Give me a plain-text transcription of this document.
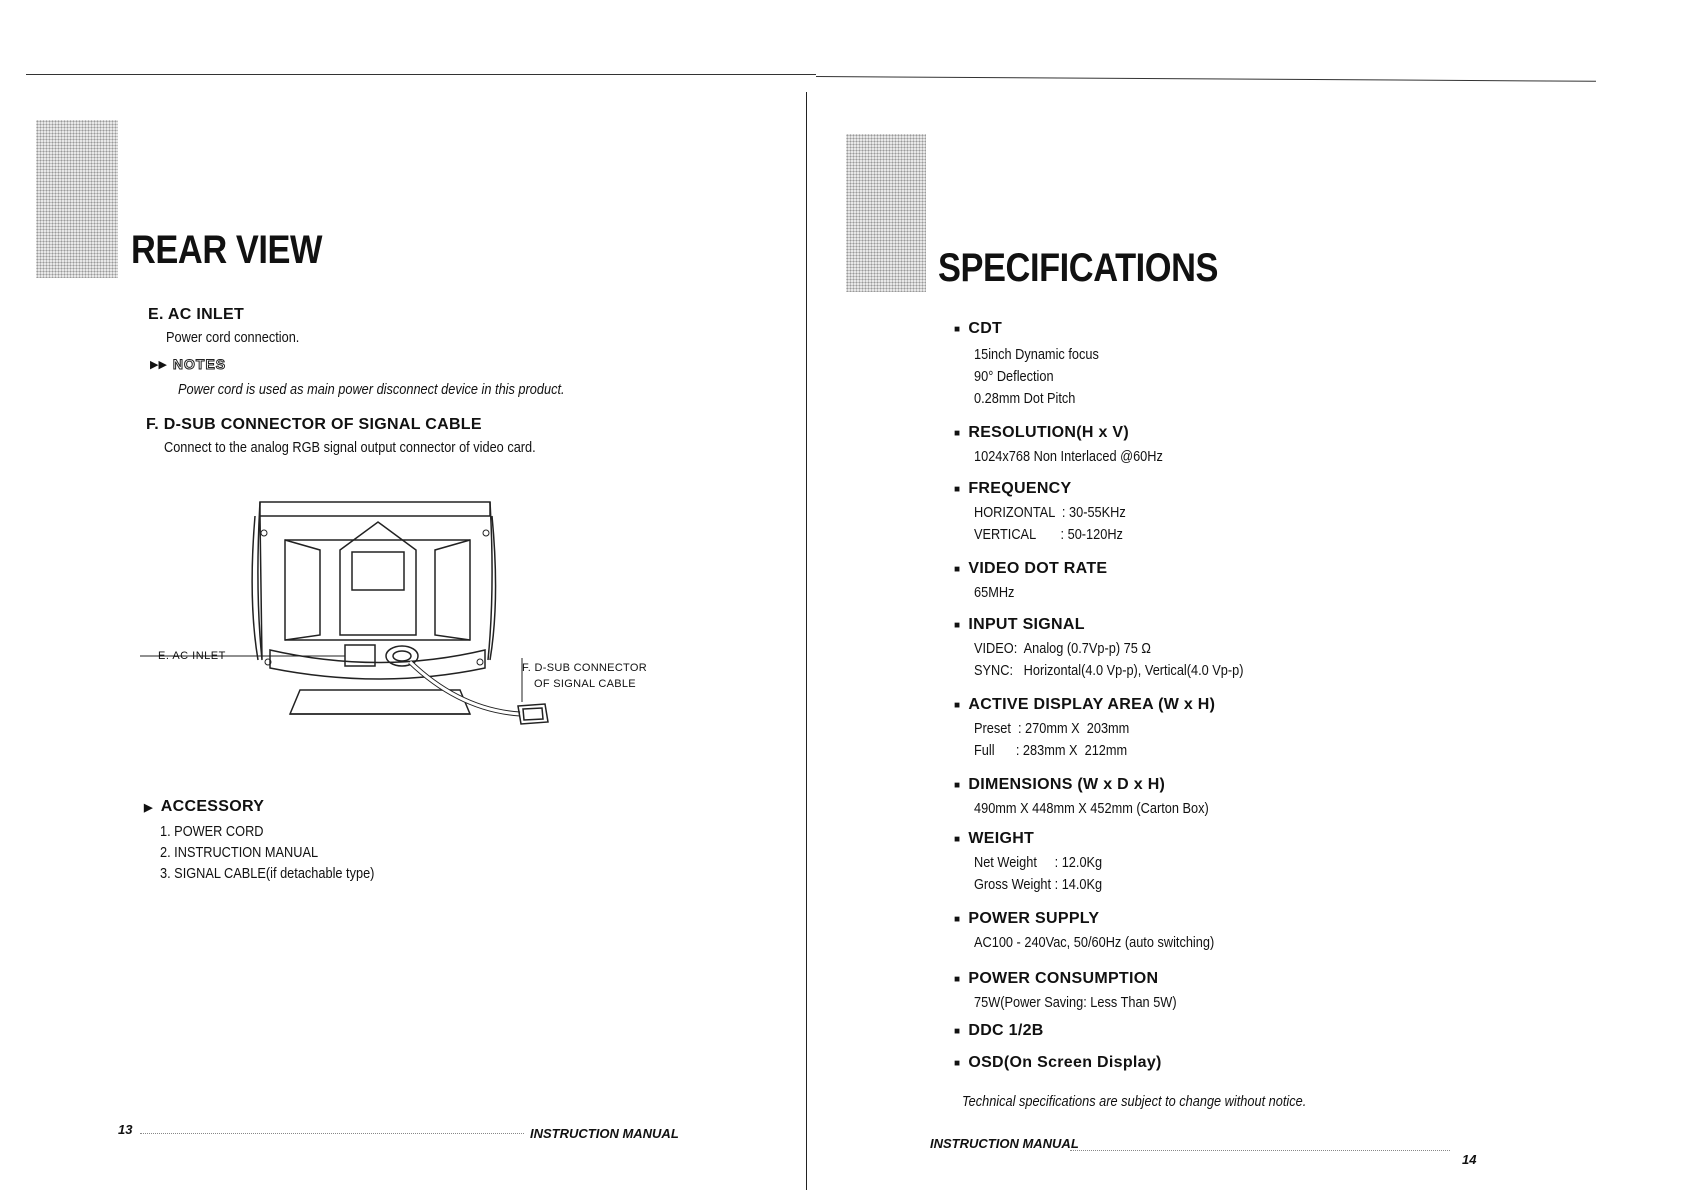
REAR VIEW
E. AC INLET
Power cord connection.
▶▶ NOTES
Power cord is used as main power disconnect device in this product.
F. D-SUB CONNECTOR OF SIGNAL CABLE
Connect to the analog RGB signal output connector of video card.
E. AC INLET
F. D-SUB CONNECTOR
OF SIGNAL CABLE
▶ ACCESSORY
1. POWER CORD
2. INSTRUCTION MANUAL
3. SIGNAL CABLE(if detachable type)
13	INSTRUCTION MANUAL
SPECIFICATIONS
■ CDT
15inch Dynamic focus
90° Deflection
0.28mm Dot Pitch
■ RESOLUTION(H x V)
1024x768 Non Interlaced @60Hz
■ FREQUENCY
HORIZONTAL  : 30-55KHz
VERTICAL       : 50-120Hz
■ VIDEO DOT RATE
65MHz
■ INPUT SIGNAL
VIDEO:  Analog (0.7Vp-p) 75 Ω
SYNC:   Horizontal(4.0 Vp-p), Vertical(4.0 Vp-p)
■ ACTIVE DISPLAY AREA (W x H)
Preset  : 270mm X  203mm
Full      : 283mm X  212mm
■ DIMENSIONS (W x D x H)
490mm X 448mm X 452mm (Carton Box)
■ WEIGHT
Net Weight     : 12.0Kg
Gross Weight : 14.0Kg
■ POWER SUPPLY
AC100 - 240Vac, 50/60Hz (auto switching)
■ POWER CONSUMPTION
75W(Power Saving: Less Than 5W)
■ DDC 1/2B
■ OSD(On Screen Display)
Technical specifications are subject to change without notice.
INSTRUCTION MANUAL
14
